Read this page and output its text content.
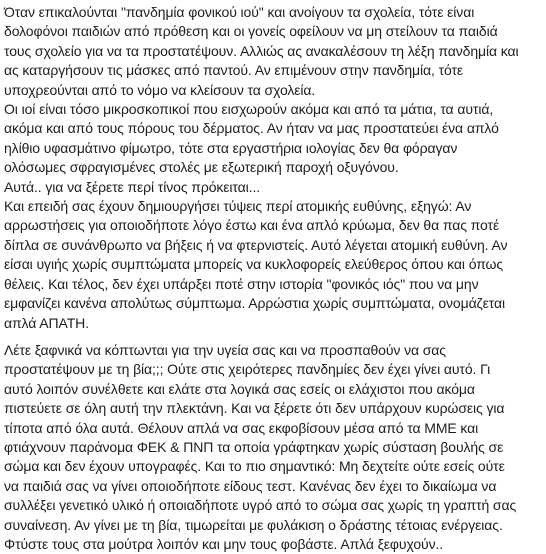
Όταν επικαλούνται "πανδημία φονικού ιού" και ανοίγουν τα σχολεία, τότε είναι
δολοφόνοι παιδιών από πρόθεση και οι γονείς οφείλουν να μη στείλουν τα παιδιά
τους σχολείο για να τα προστατέψουν. Αλλιώς ας ανακαλέσουν τη λέξη πανδημία και
ας καταργήσουν τις μάσκες από παντού. Αν επιμένουν στην πανδημία, τότε
υποχρεούνται από το νόμο να κλείσουν τα σχολεία.
Οι ιοί είναι τόσο μικροσκοπικοί που εισχωρούν ακόμα και από τα μάτια, τα αυτιά,
ακόμα και από τους πόρους του δέρματος. Αν ήταν να μας προστατεύει ένα απλό
ηλίθιο υφασμάτινο φίμωτρο, τότε στα εργαστήρια ιολογίας δεν θα φόραγαν
ολόσωμες σφραγισμένες στολές με εξωτερική παροχή οξυγόνου.
Αυτά.. για να ξέρετε περί τίνος πρόκειται...
Και επειδή σας έχουν δημιουργήσει τύψεις περί ατομικής ευθύνης, εξηγώ: Αν
αρρωστήσεις για οποιοδήποτε λόγο έστω και ένα απλό κρύωμα, δεν θα πας ποτέ
δίπλα σε συνάνθρωπο να βήξεις ή να φτερνιστείς. Αυτό λέγεται ατομική ευθύνη. Αν
είσαι υγιής χωρίς συμπτώματα μπορείς να κυκλοφορείς ελεύθερος όπου και όπως
θέλεις. Και τέλος, δεν έχει υπάρξει ποτέ στην ιστορία "φονικός ιός" που να μην
εμφανίζει κανένα απολύτως σύμπτωμα. Αρρώστια χωρίς συμπτώματα, ονομάζεται
απλά ΑΠΑΤΗ.

Λέτε ξαφνικά να κόπτωνται για την υγεία σας και να προσπαθούν να σας
προστατέψουν με τη βία;;; Ούτε στις χειρότερες πανδημίες δεν έχει γίνει αυτό. Γι
αυτό λοιπόν συνέλθετε και ελάτε στα λογικά σας εσείς οι ελάχιστοι που ακόμα
πιστεύετε σε όλη αυτή την πλεκτάνη. Και να ξέρετε ότι δεν υπάρχουν κυρώσεις για
τίποτα από όλα αυτά. Θέλουν απλά να σας εκφοβίσουν μέσα από τα ΜΜΕ και
φτιάχνουν παράνομα ΦΕΚ & ΠΝΠ τα οποία γράφτηκαν χωρίς σύσταση βουλής σε
σώμα και δεν έχουν υπογραφές. Και το πιο σημαντικό: Μη δεχτείτε ούτε εσείς ούτε
να παιδιά σας να γίνει οποιοδήποτε είδους τεστ. Κανένας δεν έχει το δικαίωμα να
συλλέξει γενετικό υλικό ή οποιαδήποτε υγρό από το σώμα σας χωρίς τη γραπτή σας
συναίνεση. Αν γίνει με τη βία, τιμωρείται με φυλάκιση ο δράστης τέτοιας ενέργειας.
Φτύστε τους στα μούτρα λοιπόν και μην τους φοβάστε. Απλά ξεφυχούν..
